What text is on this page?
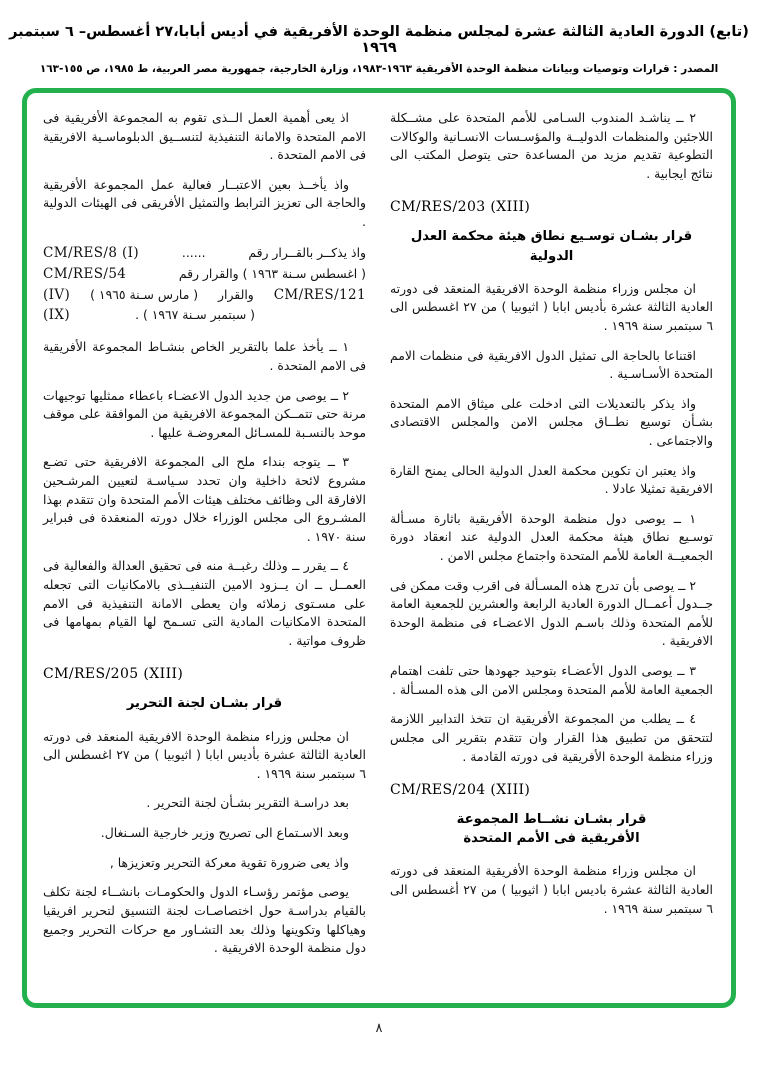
(تابع) الدورة العادية الثالثة عشرة لمجلس منظمة الوحدة الأفريقية في أديس أبابا،٢٧ أغسطس– ٦ سبتمبر ١٩٦٩
المصدر : قرارات وتوصيات وبيانات منظمة الوحدة الأفريقية ١٩٦٣-١٩٨٣، وزارة الخارجية، جمهورية مصر العربية، ط ١٩٨٥، ص ١٥٥-١٦٣

اذ يعى أهمية العمل الــذى تقوم به المجموعة الأفريقية فى الامم المتحدة والامانة التنفيذية لتنســيق الدبلوماسـية الافريقية فى الامم المتحدة .

واذ يأخــذ بعين الاعتبــار فعالية عمل المجموعة الأفريقية والحاجة الى تعزيز الترابط والتمثيل الأفريقى فى الهيئات الدولية .

CM/RES/8 (I)	......	واذ يذكــر بالقــرار رقم
CM/RES/54	( اغسطس سـنة ١٩٦٣ ) والقرار رقم
(IV) ( مارس سـنة ١٩٦٥ ) والقرار CM/RES/121
(IX)	( سبتمبر سـنة ١٩٦٧ ) .

١ ــ يأخذ علما بالتقرير الخاص بنشـاط المجموعة الأفريقية فى الامم المتحدة .

٢ ــ يوصى من جديد الدول الاعضـاء باعطاء ممثليها توجيهات مرنة حتى تتمــكن المجموعة الافريقية من الموافقة على موقف موحد بالنسـبة للمسـائل المعروضـة عليها .

٣ ــ يتوجه بنداء ملح الى المجموعة الافريقية حتى تضـع مشروع لائحة داخلية وان تحدد سـياسـة لتعيين المرشـحين الافارقة الى وظائف مختلف هيئات الأمم المتحدة وان تتقدم بهذا المشـروع الى مجلس الوزراء خلال دورته المنعقدة فى فبراير سنة ١٩٧٠ .

٤ ــ يقرر ــ وذلك رغبــة منه فى تحقيق العدالة والفعالية فى العمــل ــ ان يــزود الامين التنفيــذى بالامكانيات التى تجعله على مسـتوى زملائه وان يعطى الامانة التنفيذية فى الامم المتحدة الامكانيات المادية التى تسـمح لها القيام بمهامها فى ظروف مواتية .

CM/RES/205 (XIII)
قرار بشـان لجنة التحرير

ان مجلس وزراء منظمة الوحدة الافريقية المنعقد فى دورته العادية الثالثة عشرة بأديس ابابا ( اثيوبيا ) من ٢٧ اغسطس الى ٦ سبتمبر سنة ١٩٦٩ .

بعد دراسـة التقرير بشـأن لجنة التحرير .

وبعد الاسـتماع الى تصريح وزير خارجية السـنغال.

واذ يعى ضرورة تقوية معركة التحرير وتعزيزها ,

يوصى مؤتمر رؤسـاء الدول والحكومـات بانشــاء لجنة تكلف بالقيام بدراسـة حول اختصاصـات لجنة التنسيق لتحرير افريقيا وهياكلها وتكوينها وذلك بعد التشـاور مع حركات التحرير وجميع دول منظمة الوحدة الافريقية .

٢ ــ يناشـد المندوب السـامى للأمم المتحدة على مشــكلة اللاجئين والمنظمات الدوليــة والمؤسـسات الانسـانية والوكالات التطوعية تقديم مزيد من المساعدة حتى يتوصل المكتب الى نتائج ايجابية .

CM/RES/203 (XIII)
قرار بشـان توسـيع نطاق هيئة محكمة العدل الدولية

ان مجلس وزراء منظمة الوحدة الافريقية المنعقد فى دورته العادية الثالثة عشرة بأديس ابابا ( اثيوبيا ) من ٢٧ اغسطس الى ٦ سبتمبر سنة ١٩٦٩ .

اقتناعا بالحاجة الى تمثيل الدول الافريقية فى منظمات الامم المتحدة الأسـاسـية .

واذ يذكر بالتعديلات التى ادخلت على ميثاق الامم المتحدة بشـأن توسيع نطــاق مجلس الامن والمجلس الاقتصادى والاجتماعى .

واذ يعتبر ان تكوين محكمة العدل الدولية الحالى يمنح القارة الافريقية تمثيلا عادلا .

١ ــ يوصى دول منظمة الوحدة الأفريقية باثارة مسـألة توسـيع نطاق هيئة محكمة العدل الدولية عند انعقاد دورة الجمعيــة العامة للأمم المتحدة واجتماع مجلس الامن .

٢ ــ يوصى بأن تدرج هذه المسـألة فى اقرب وقت ممكن فى جــدول أعمــال الدورة العادية الرابعة والعشرين للجمعية العامة للأمم المتحدة وذلك باسـم الدول الاعضـاء فى منظمة الوحدة الافريقية .

٣ ــ يوصى الدول الأعضـاء بتوحيد جهودها حتى تلفت اهتمام الجمعية العامة للأمم المتحدة ومجلس الامن الى هذه المسـألة .

٤ ــ يطلب من المجموعة الأفريقية ان تتخذ التدابير اللازمة لتتحقق من تطبيق هذا القرار وان تتقدم بتقرير الى مجلس وزراء منظمة الوحدة الأفريقية فى دورته القادمة .

CM/RES/204 (XIII)
قرار بشـان نشــاط المجموعة
الأفريقية فى الأمم المتحدة

ان مجلس وزراء منظمة الوحدة الأفريقية المنعقد فى دورته العادية الثالثة عشرة باديس ابابا ( اثيوبيا ) من ٢٧ أغسطس الى ٦ سبتمبر سنة ١٩٦٩ .

٨
